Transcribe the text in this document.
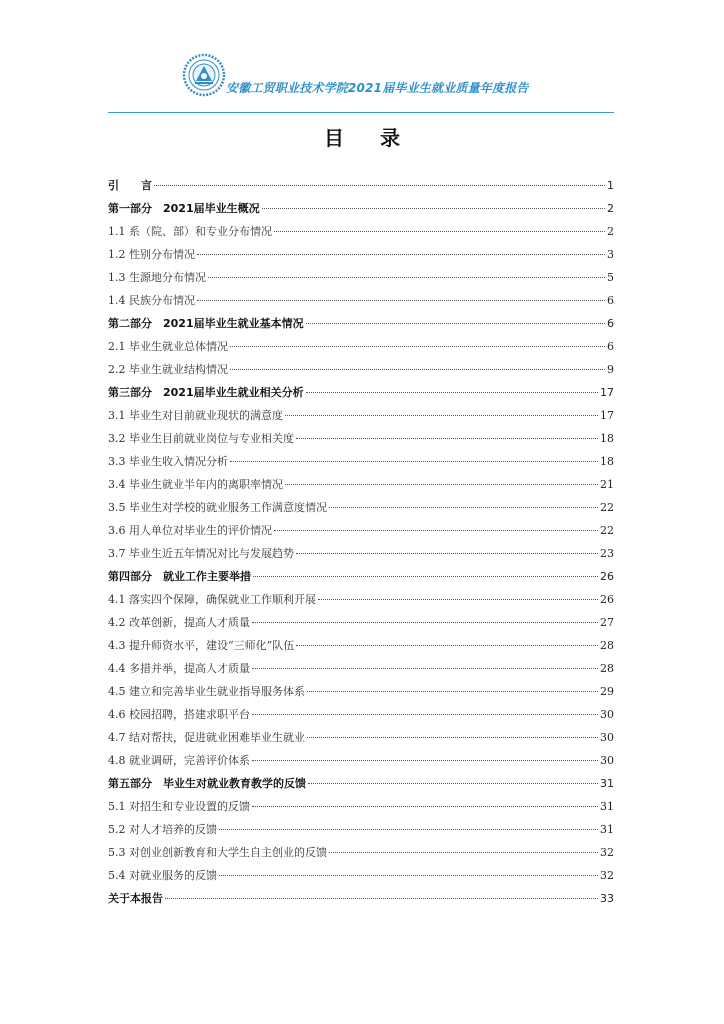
安徽工贸职业技术学院2021届毕业生就业质量年度报告
目录
引　　言	1
第一部分　2021届毕业生概况	2
1.1 系（院、部）和专业分布情况	2
1.2 性别分布情况	3
1.3 生源地分布情况	5
1.4 民族分布情况	6
第二部分　2021届毕业生就业基本情况	6
2.1 毕业生就业总体情况	6
2.2 毕业生就业结构情况	9
第三部分　2021届毕业生就业相关分析	17
3.1 毕业生对目前就业现状的满意度	17
3.2 毕业生目前就业岗位与专业相关度	18
3.3 毕业生收入情况分析	18
3.4 毕业生就业半年内的离职率情况	21
3.5 毕业生对学校的就业服务工作满意度情况	22
3.6 用人单位对毕业生的评价情况	22
3.7 毕业生近五年情况对比与发展趋势	23
第四部分　就业工作主要举措	26
4.1 落实四个保障，确保就业工作顺利开展	26
4.2 改革创新，提高人才质量	27
4.3 提升师资水平，建设“三师化”队伍	28
4.4 多措并举，提高人才质量	28
4.5 建立和完善毕业生就业指导服务体系	29
4.6 校园招聘，搭建求职平台	30
4.7 结对帮扶，促进就业困难毕业生就业	30
4.8 就业调研，完善评价体系	30
第五部分　毕业生对就业教育教学的反馈	31
5.1 对招生和专业设置的反馈	31
5.2 对人才培养的反馈	31
5.3 对创业创新教育和大学生自主创业的反馈	32
5.4 对就业服务的反馈	32
关于本报告	33
